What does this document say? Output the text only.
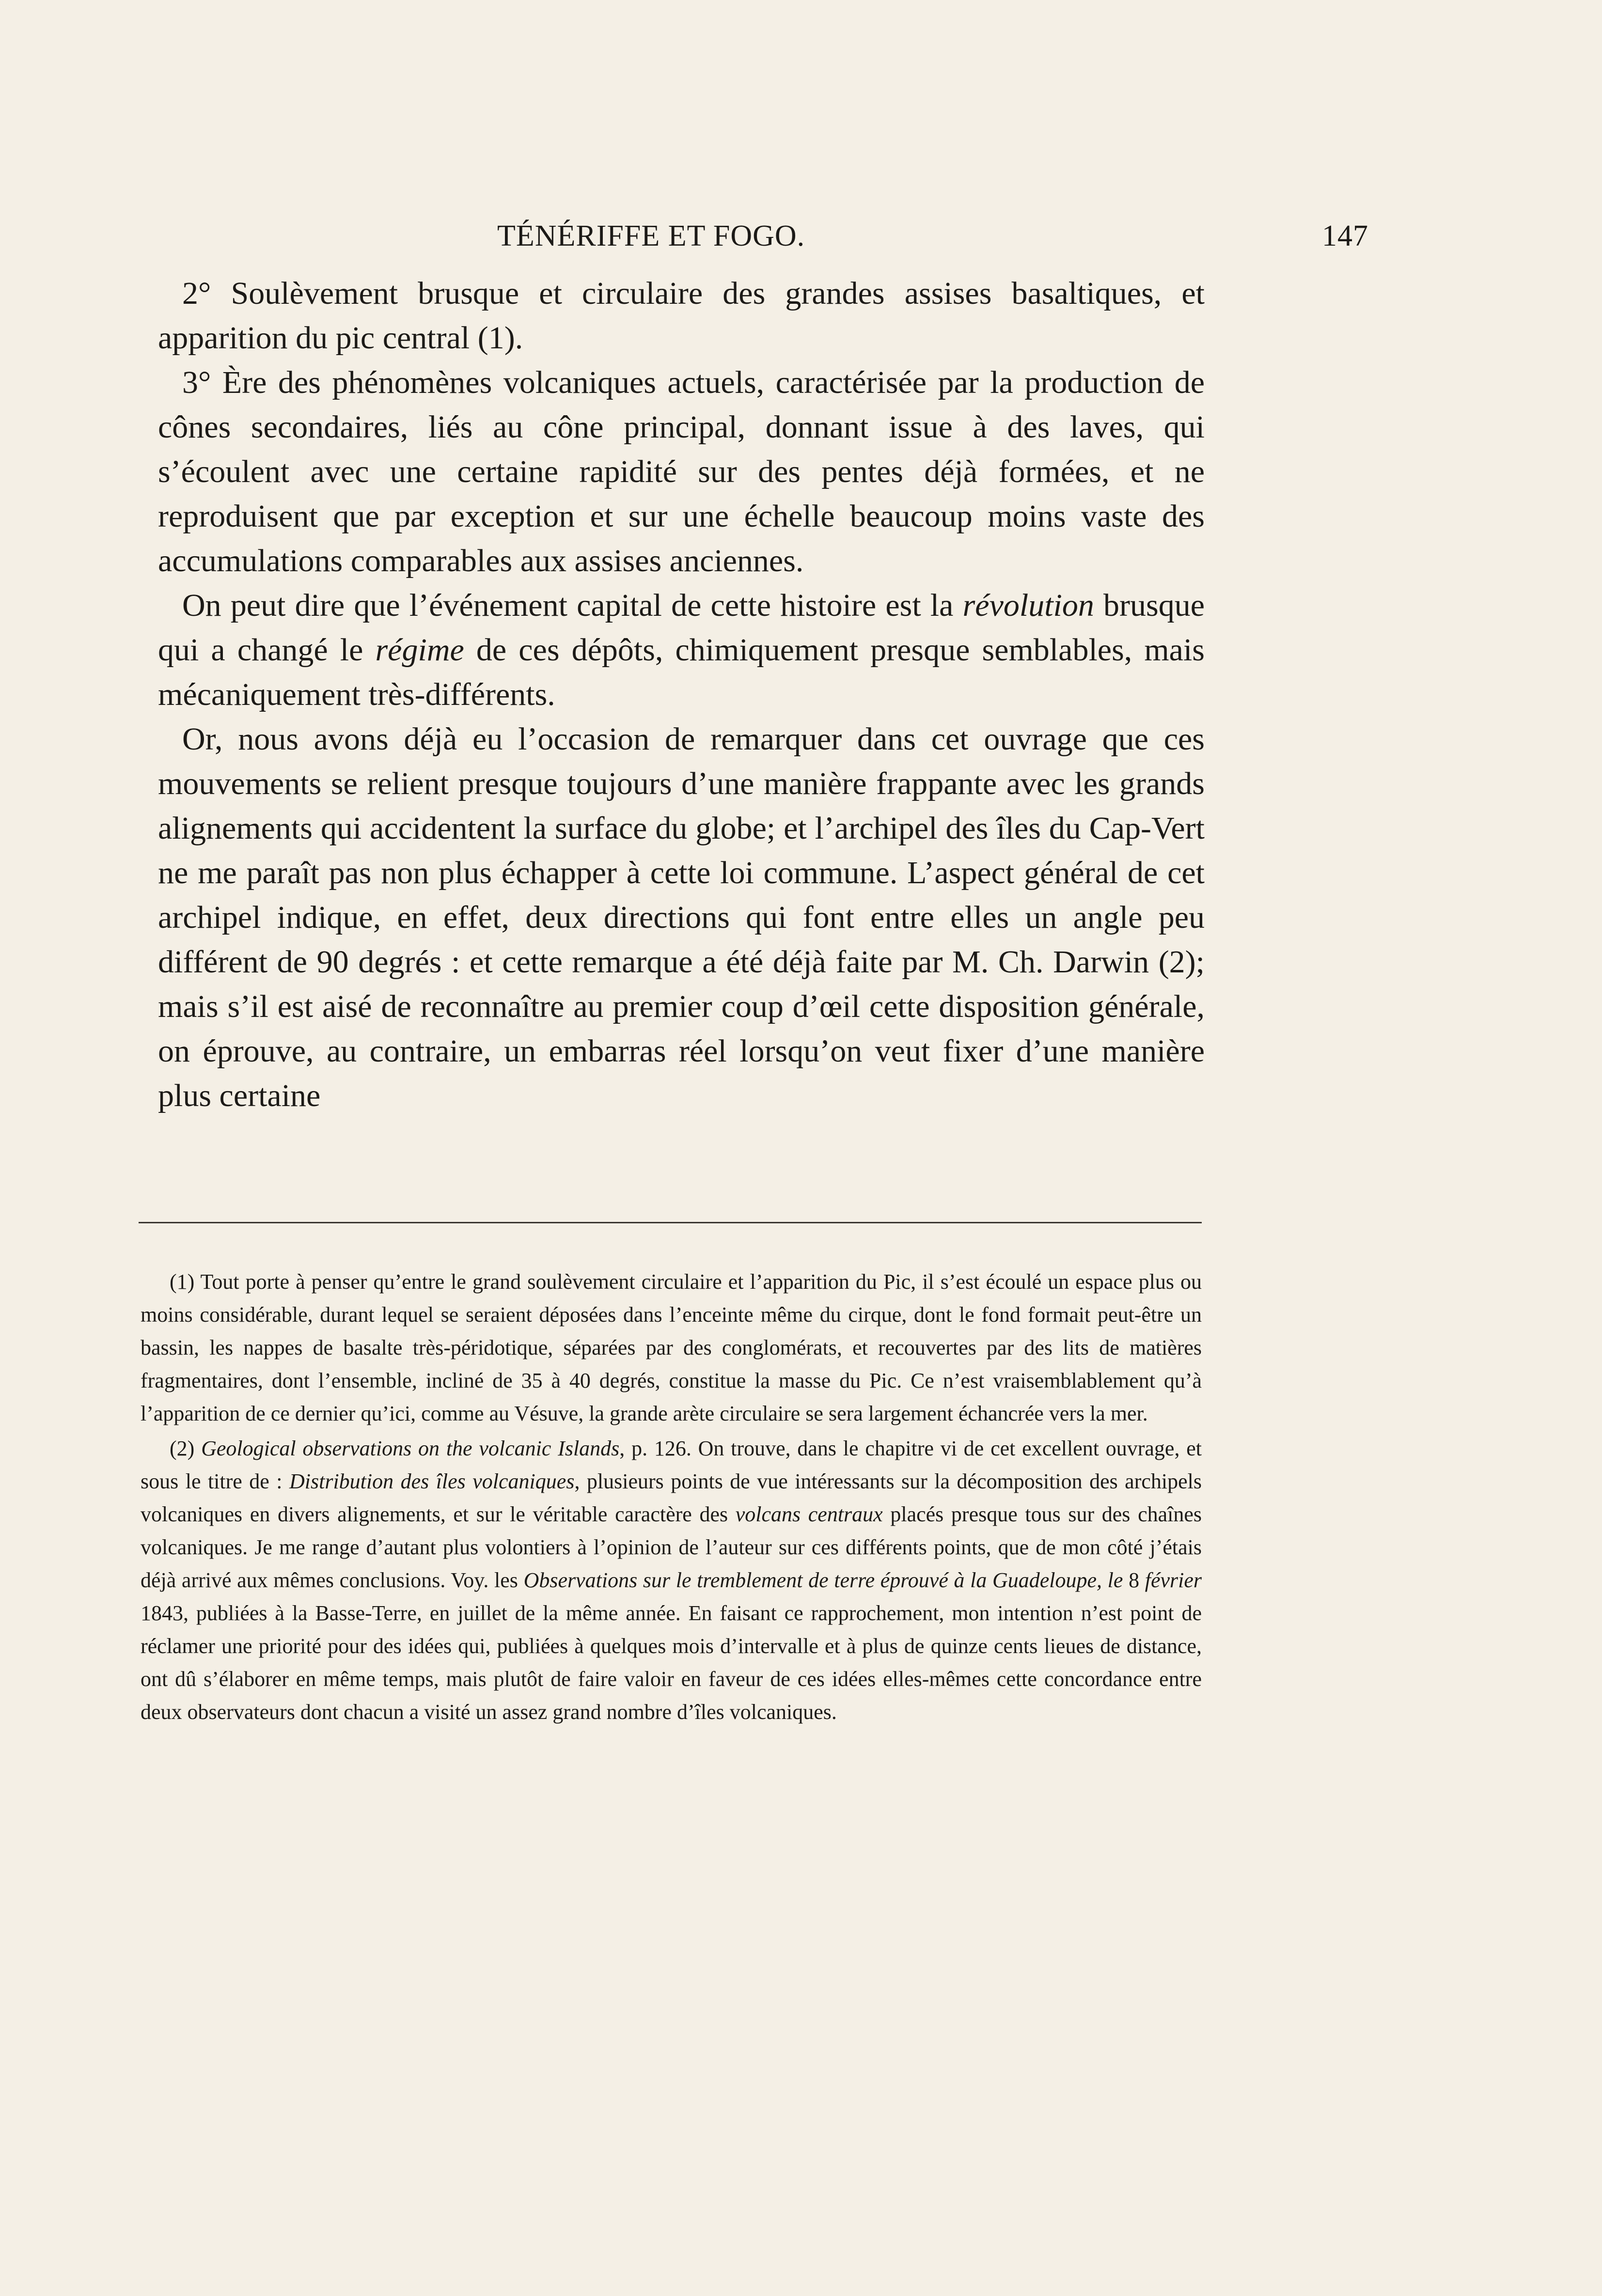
TÉNÉRIFFE ET FOGO.	147

2° Soulèvement brusque et circulaire des grandes assises basaltiques, et apparition du pic central (1).

3° Ère des phénomènes volcaniques actuels, caractérisée par la production de cônes secondaires, liés au cône principal, donnant issue à des laves, qui s’écoulent avec une certaine rapidité sur des pentes déjà formées, et ne reproduisent que par exception et sur une échelle beaucoup moins vaste des accumulations comparables aux assises anciennes.

On peut dire que l’événement capital de cette histoire est la révolution brusque qui a changé le régime de ces dépôts, chimiquement presque semblables, mais mécaniquement très-différents.

Or, nous avons déjà eu l’occasion de remarquer dans cet ouvrage que ces mouvements se relient presque toujours d’une manière frappante avec les grands alignements qui accidentent la surface du globe; et l’archipel des îles du Cap-Vert ne me paraît pas non plus échapper à cette loi commune. L’aspect général de cet archipel indique, en effet, deux directions qui font entre elles un angle peu différent de 90 degrés : et cette remarque a été déjà faite par M. Ch. Darwin (2); mais s’il est aisé de reconnaître au premier coup d’œil cette disposition générale, on éprouve, au contraire, un embarras réel lorsqu’on veut fixer d’une manière plus certaine

(1) Tout porte à penser qu’entre le grand soulèvement circulaire et l’apparition du Pic, il s’est écoulé un espace plus ou moins considérable, durant lequel se seraient déposées dans l’enceinte même du cirque, dont le fond formait peut-être un bassin, les nappes de basalte très-péridotique, séparées par des conglomérats, et recouvertes par des lits de matières fragmentaires, dont l’ensemble, incliné de 35 à 40 degrés, constitue la masse du Pic. Ce n’est vraisemblablement qu’à l’apparition de ce dernier qu’ici, comme au Vésuve, la grande arète circulaire se sera largement échancrée vers la mer.

(2) Geological observations on the volcanic Islands, p. 126. On trouve, dans le chapitre vi de cet excellent ouvrage, et sous le titre de : Distribution des îles volcaniques, plusieurs points de vue intéressants sur la décomposition des archipels volcaniques en divers alignements, et sur le véritable caractère des volcans centraux placés presque tous sur des chaînes volcaniques. Je me range d’autant plus volontiers à l’opinion de l’auteur sur ces différents points, que de mon côté j’étais déjà arrivé aux mêmes conclusions. Voy. les Observations sur le tremblement de terre éprouvé à la Guadeloupe, le 8 février 1843, publiées à la Basse-Terre, en juillet de la même année. En faisant ce rapprochement, mon intention n’est point de réclamer une priorité pour des idées qui, publiées à quelques mois d’intervalle et à plus de quinze cents lieues de distance, ont dû s’élaborer en même temps, mais plutôt de faire valoir en faveur de ces idées elles-mêmes cette concordance entre deux observateurs dont chacun a visité un assez grand nombre d’îles volcaniques.
